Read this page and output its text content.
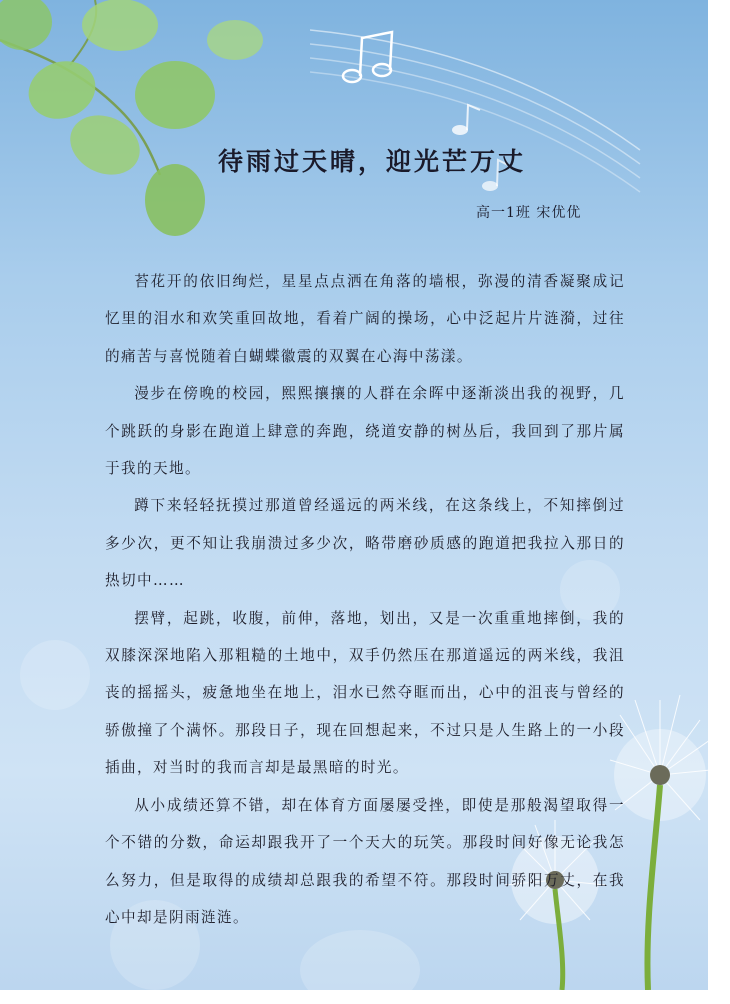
待雨过天晴，迎光芒万丈
高一1班 宋优优

苔花开的依旧绚烂，星星点点洒在角落的墙根，弥漫的清香凝聚成记忆里的泪水和欢笑重回故地，看着广阔的操场，心中泛起片片涟漪，过往的痛苦与喜悦随着白蝴蝶徽震的双翼在心海中荡漾。

漫步在傍晚的校园，熙熙攘攘的人群在余晖中逐渐淡出我的视野，几个跳跃的身影在跑道上肆意的奔跑，绕道安静的树丛后，我回到了那片属于我的天地。

蹲下来轻轻抚摸过那道曾经遥远的两米线，在这条线上，不知摔倒过多少次，更不知让我崩溃过多少次，略带磨砂质感的跑道把我拉入那日的热切中……

摆臂，起跳，收腹，前伸，落地，划出，又是一次重重地摔倒，我的双膝深深地陷入那粗糙的土地中，双手仍然压在那道遥远的两米线，我沮丧的摇摇头，疲惫地坐在地上，泪水已然夺眶而出，心中的沮丧与曾经的骄傲撞了个满怀。那段日子，现在回想起来，不过只是人生路上的一小段插曲，对当时的我而言却是最黑暗的时光。

从小成绩还算不错，却在体育方面屡屡受挫，即使是那般渴望取得一个不错的分数，命运却跟我开了一个天大的玩笑。那段时间好像无论我怎么努力，但是取得的成绩却总跟我的希望不符。那段时间骄阳万丈，在我心中却是阴雨涟涟。
